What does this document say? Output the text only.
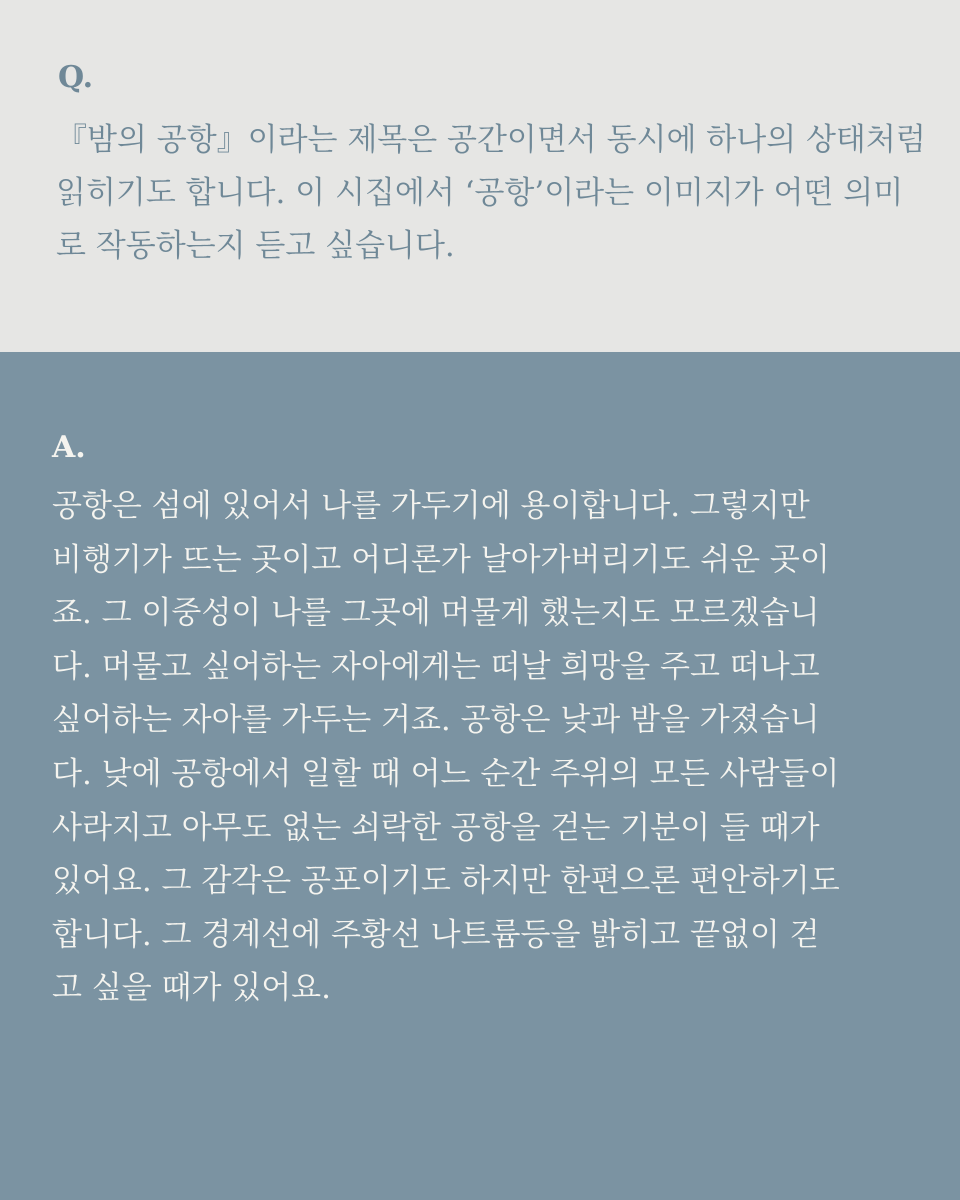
Q.

『밤의 공항』이라는 제목은 공간이면서 동시에 하나의 상태처럼
읽히기도 합니다. 이 시집에서 ‘공항’이라는 이미지가 어떤 의미
로 작동하는지 듣고 싶습니다.

A.

공항은 섬에 있어서 나를 가두기에 용이합니다. 그렇지만
비행기가 뜨는 곳이고 어디론가 날아가버리기도 쉬운 곳이
죠. 그 이중성이 나를 그곳에 머물게 했는지도 모르겠습니
다. 머물고 싶어하는 자아에게는 떠날 희망을 주고 떠나고
싶어하는 자아를 가두는 거죠. 공항은 낮과 밤을 가졌습니
다. 낮에 공항에서 일할 때 어느 순간 주위의 모든 사람들이
사라지고 아무도 없는 쇠락한 공항을 걷는 기분이 들 때가
있어요. 그 감각은 공포이기도 하지만 한편으론 편안하기도
합니다. 그 경계선에 주황선 나트륨등을 밝히고 끝없이 걷
고 싶을 때가 있어요.
